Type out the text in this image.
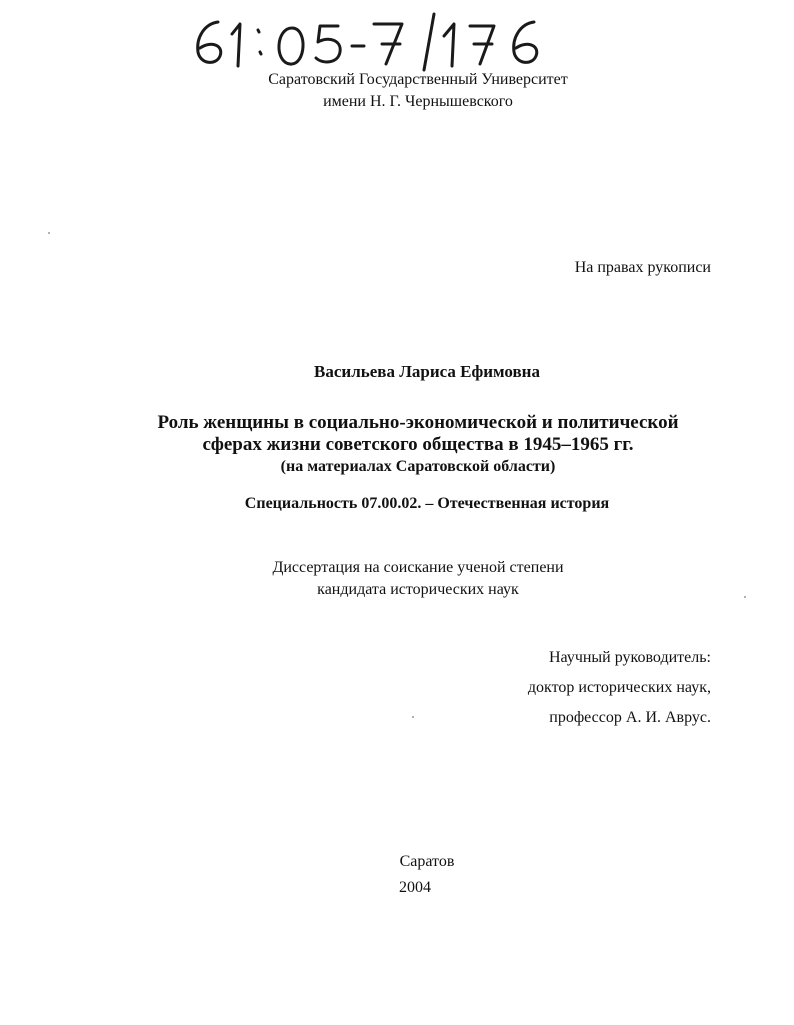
Саратовский Государственный Университет
имени Н. Г. Чернышевского
На правах рукописи
Васильева Лариса Ефимовна
Роль женщины в социально-экономической и политической
сферах жизни советского общества в 1945–1965 гг.
(на материалах Саратовской области)
Специальность 07.00.02. – Отечественная история
Диссертация на соискание ученой степени
кандидата исторических наук
Научный руководитель:
доктор исторических наук,
профессор А. И. Аврус.
Саратов
2004
